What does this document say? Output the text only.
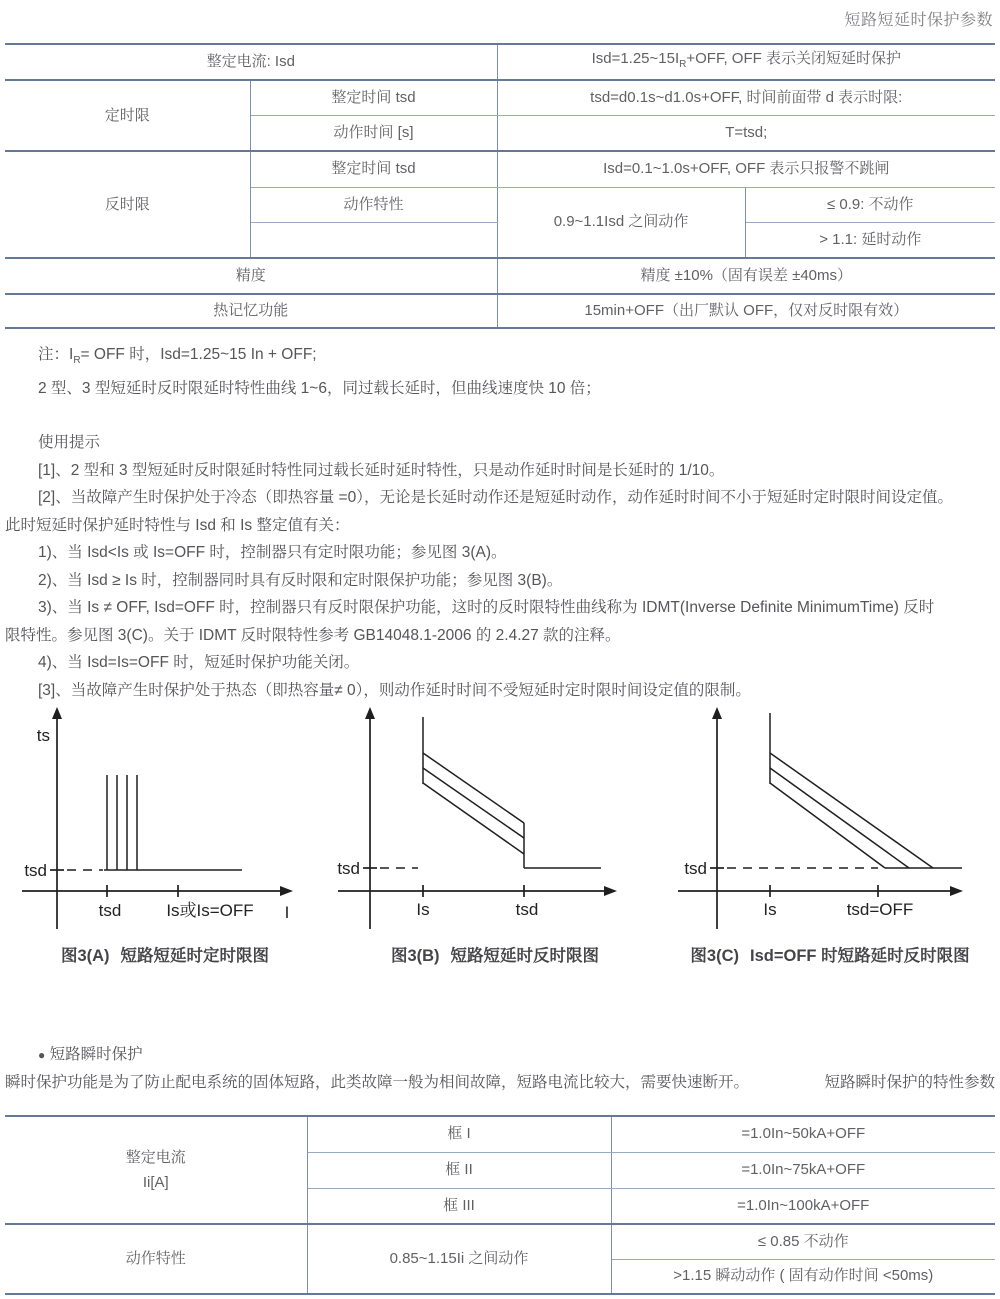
短路短延时保护参数
整定电流: Isd		$Isd=1.25\sim 15I_R+OFF$, OFF 表示关闭短延时保护	
定时限	整定时间 tsd	tsd=d0.1s~d1.0s+OFF, 时间前面带 d 表示时限:	
	动作时间 [s]	T=tsd;	
反时限	整定时间 tsd	Isd=0.1~1.0s+OFF, OFF 表示只报警不跳闸	
	动作特性	0.9~1.1Isd 之间动作	≤ 0.9: 不动作
			> 1.1: 延时动作
精度		精度 ±10%（固有误差 ±40ms）	
热记忆功能		15min+OFF（出厂默认 OFF，仅对反时限有效）	

注：$I_R=$ OFF 时，Isd=1.25~15 In + OFF;

2 型、3 型短延时反时限延时特性曲线 1~6，同过载长延时，但曲线速度快 10 倍；

使用提示

[1]、2 型和 3 型短延时反时限延时特性同过载长延时延时特性，只是动作延时时间是长延时的 1/10。

[2]、当故障产生时保护处于冷态（即热容量 =0），无论是长延时动作还是短延时动作，动作延时时间不小于短延时定时限时间设定值。

此时短延时保护延时特性与 Isd 和 Is 整定值有关：

1)、当 Isd<Is 或 Is=OFF 时，控制器只有定时限功能；参见图 3(A)。

2)、当 Isd ≥ Is 时，控制器同时具有反时限和定时限保护功能；参见图 3(B)。

3)、当 Is ≠ OFF, Isd=OFF 时，控制器只有反时限保护功能，这时的反时限特性曲线称为 IDMT(Inverse Definite MinimumTime) 反时

限特性。参见图 3(C)。关于 IDMT 反时限特性参考 GB14048.1-2006 的 2.4.27 款的注释。

4)、当 Isd=Is=OFF 时，短延时保护功能关闭。

[3]、当故障产生时保护处于热态（即热容量≠ 0），则动作延时时间不受短延时定时限时间设定值的限制。

ts
tsd
tsd	Is或Is=OFF I
图3(A) 短路短延时定时限图
tsd
Is	tsd
图3(B) 短路短延时反时限图
tsd
Is	tsd=OFF
图3(C) Isd=OFF 时短路延时反时限图

● 短路瞬时保护

瞬时保护功能是为了防止配电系统的固体短路，此类故障一般为相间故障，短路电流比较大，需要快速断开。	短路瞬时保护的特性参数

整定电流
Ii[A]	框 I	=1.0In~50kA+OFF
	框 II	=1.0In~75kA+OFF
	框 III	=1.0In~100kA+OFF
动作特性	0.85~1.15Ii 之间动作	≤ 0.85 不动作
		>1.15 瞬动动作 ( 固有动作时间 <50ms)
